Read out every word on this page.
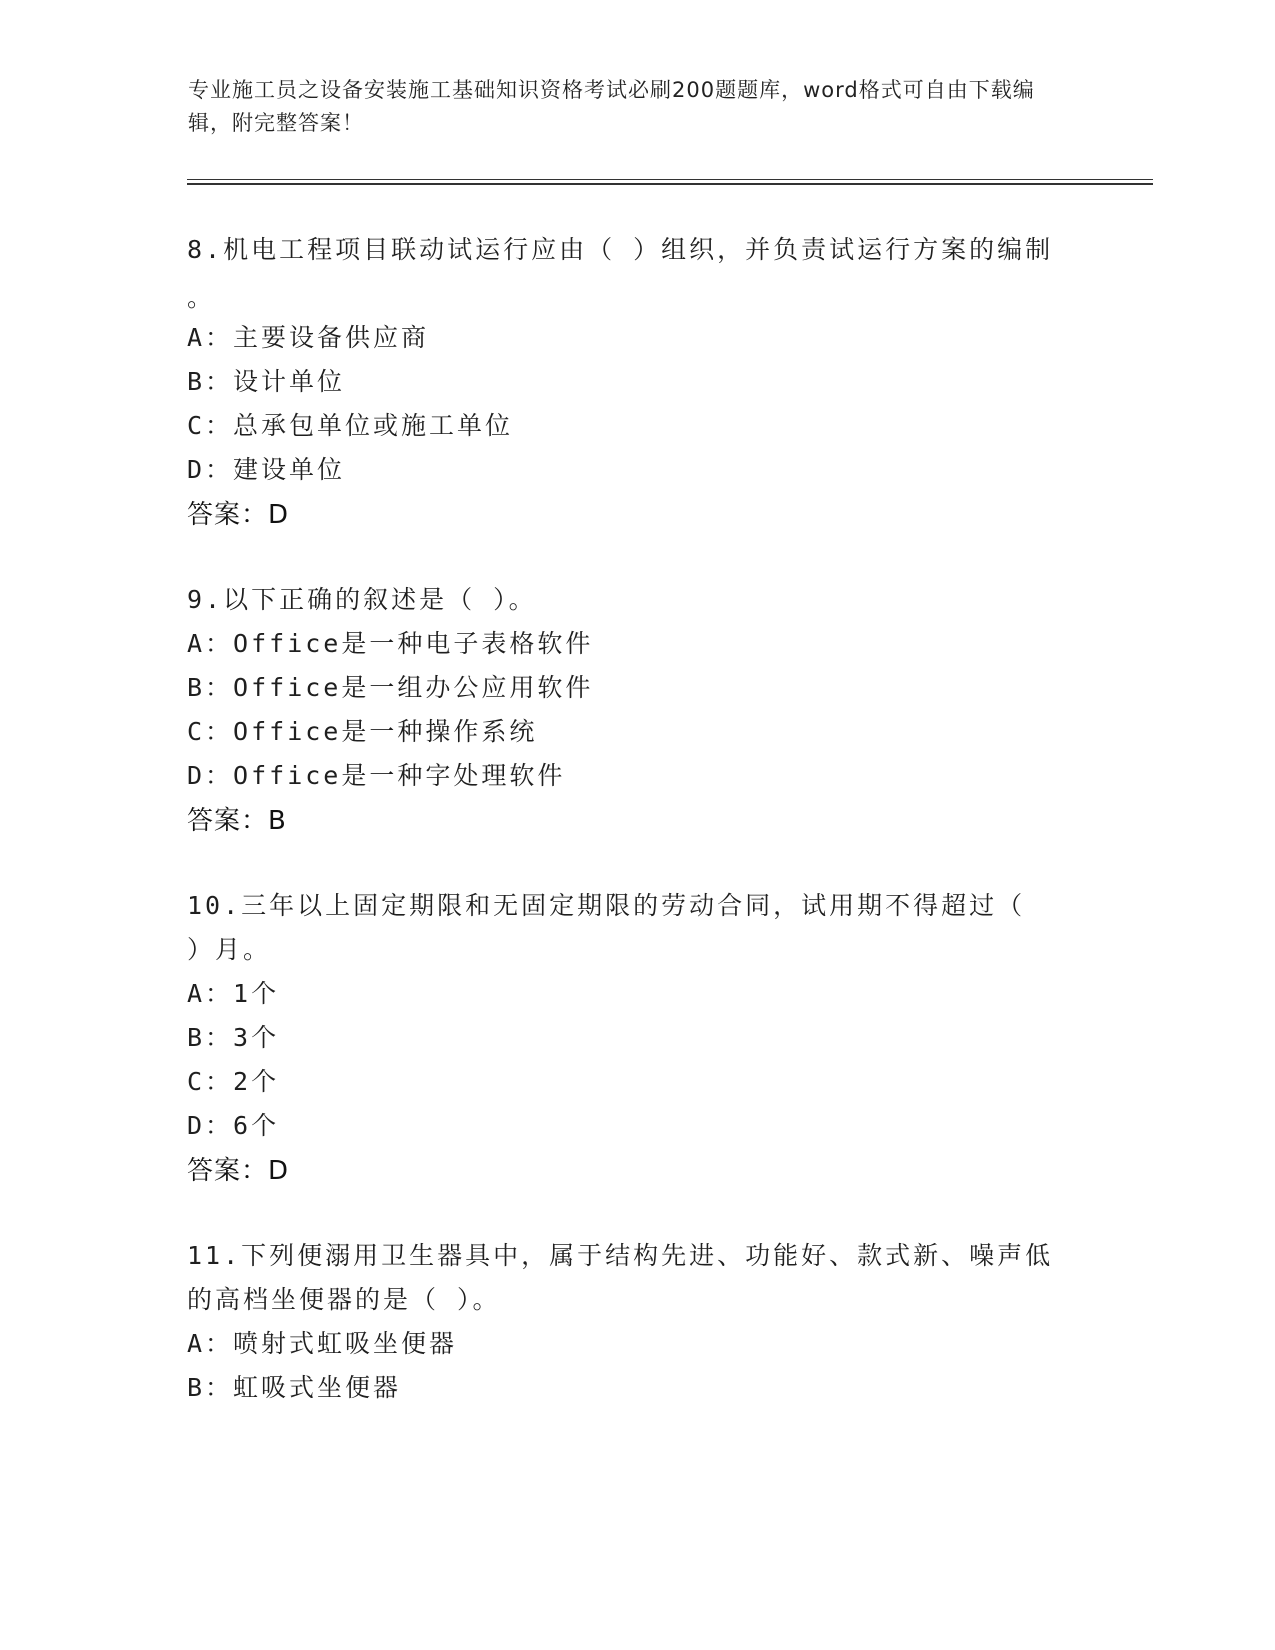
专业施工员之设备安装施工基础知识资格考试必刷200题题库，word格式可自由下载编辑，附完整答案！
8.机电工程项目联动试运行应由（ ）组织，并负责试运行方案的编制
。
A：主要设备供应商
B：设计单位
C：总承包单位或施工单位
D：建设单位
答案：D
9.以下正确的叙述是（ ）。
A：Office是一种电子表格软件
B：Office是一组办公应用软件
C：Office是一种操作系统
D：Office是一种字处理软件
答案：B
10.三年以上固定期限和无固定期限的劳动合同，试用期不得超过（
）月。
A：1个
B：3个
C：2个
D：6个
答案：D
11.下列便溺用卫生器具中，属于结构先进、功能好、款式新、噪声低
的高档坐便器的是（ ）。
A：喷射式虹吸坐便器
B：虹吸式坐便器
